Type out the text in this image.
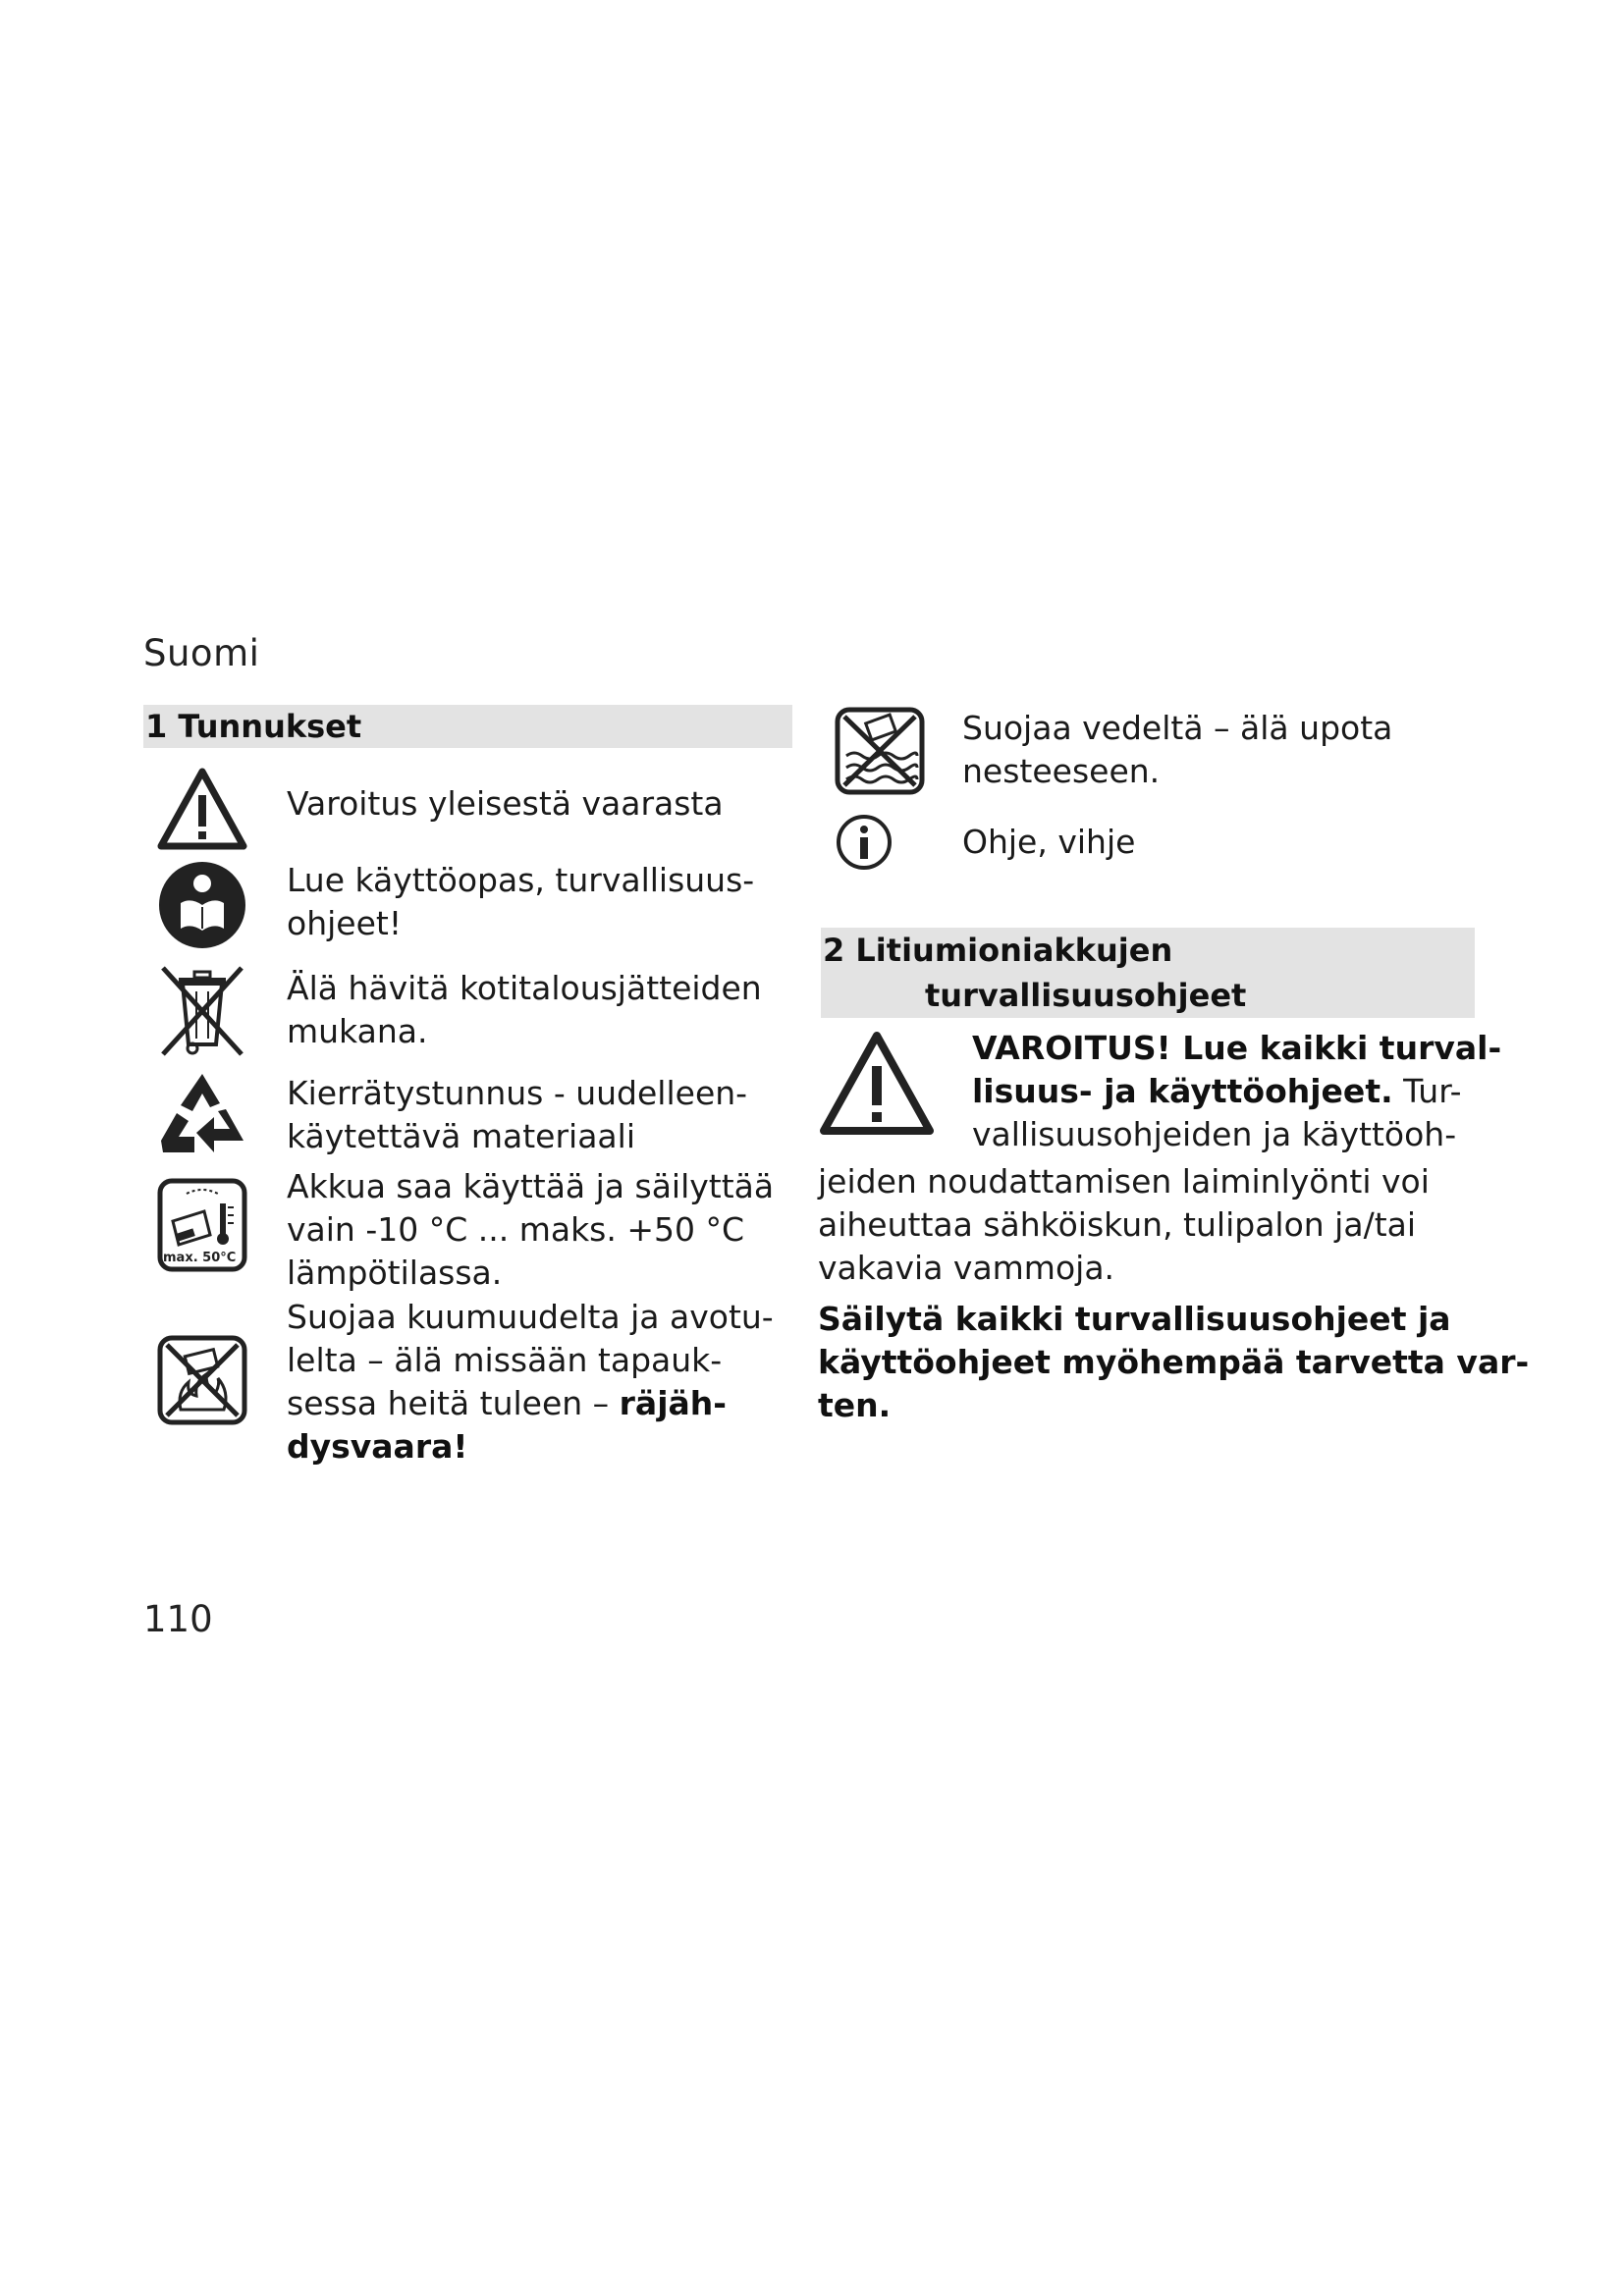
Suomi
1 Tunnukset
Varoitus yleisestä vaarasta
Lue käyttöopas, turvallisuus-
ohjeet!
Älä hävitä kotitalousjätteiden
mukana.
Kierrätystunnus - uudelleen-
käytettävä materiaali
max. 50°C
Akkua saa käyttää ja säilyttää
vain -10 °C ... maks. +50 °C
lämpötilassa.
Suojaa kuumuudelta ja avotu-
lelta – älä missään tapauk-
sessa heitä tuleen – räjäh-
dysvaara!
Suojaa vedeltä – älä upota
nesteeseen.
Ohje, vihje
2 Litiumioniakkujen
turvallisuusohjeet
VAROITUS! Lue kaikki turval-
lisuus- ja käyttöohjeet. Tur-
vallisuusohjeiden ja käyttöoh-
jeiden noudattamisen laiminlyönti voi
aiheuttaa sähköiskun, tulipalon ja/tai
vakavia vammoja.
Säilytä kaikki turvallisuusohjeet ja
käyttöohjeet myöhempää tarvetta var-
ten.
110
